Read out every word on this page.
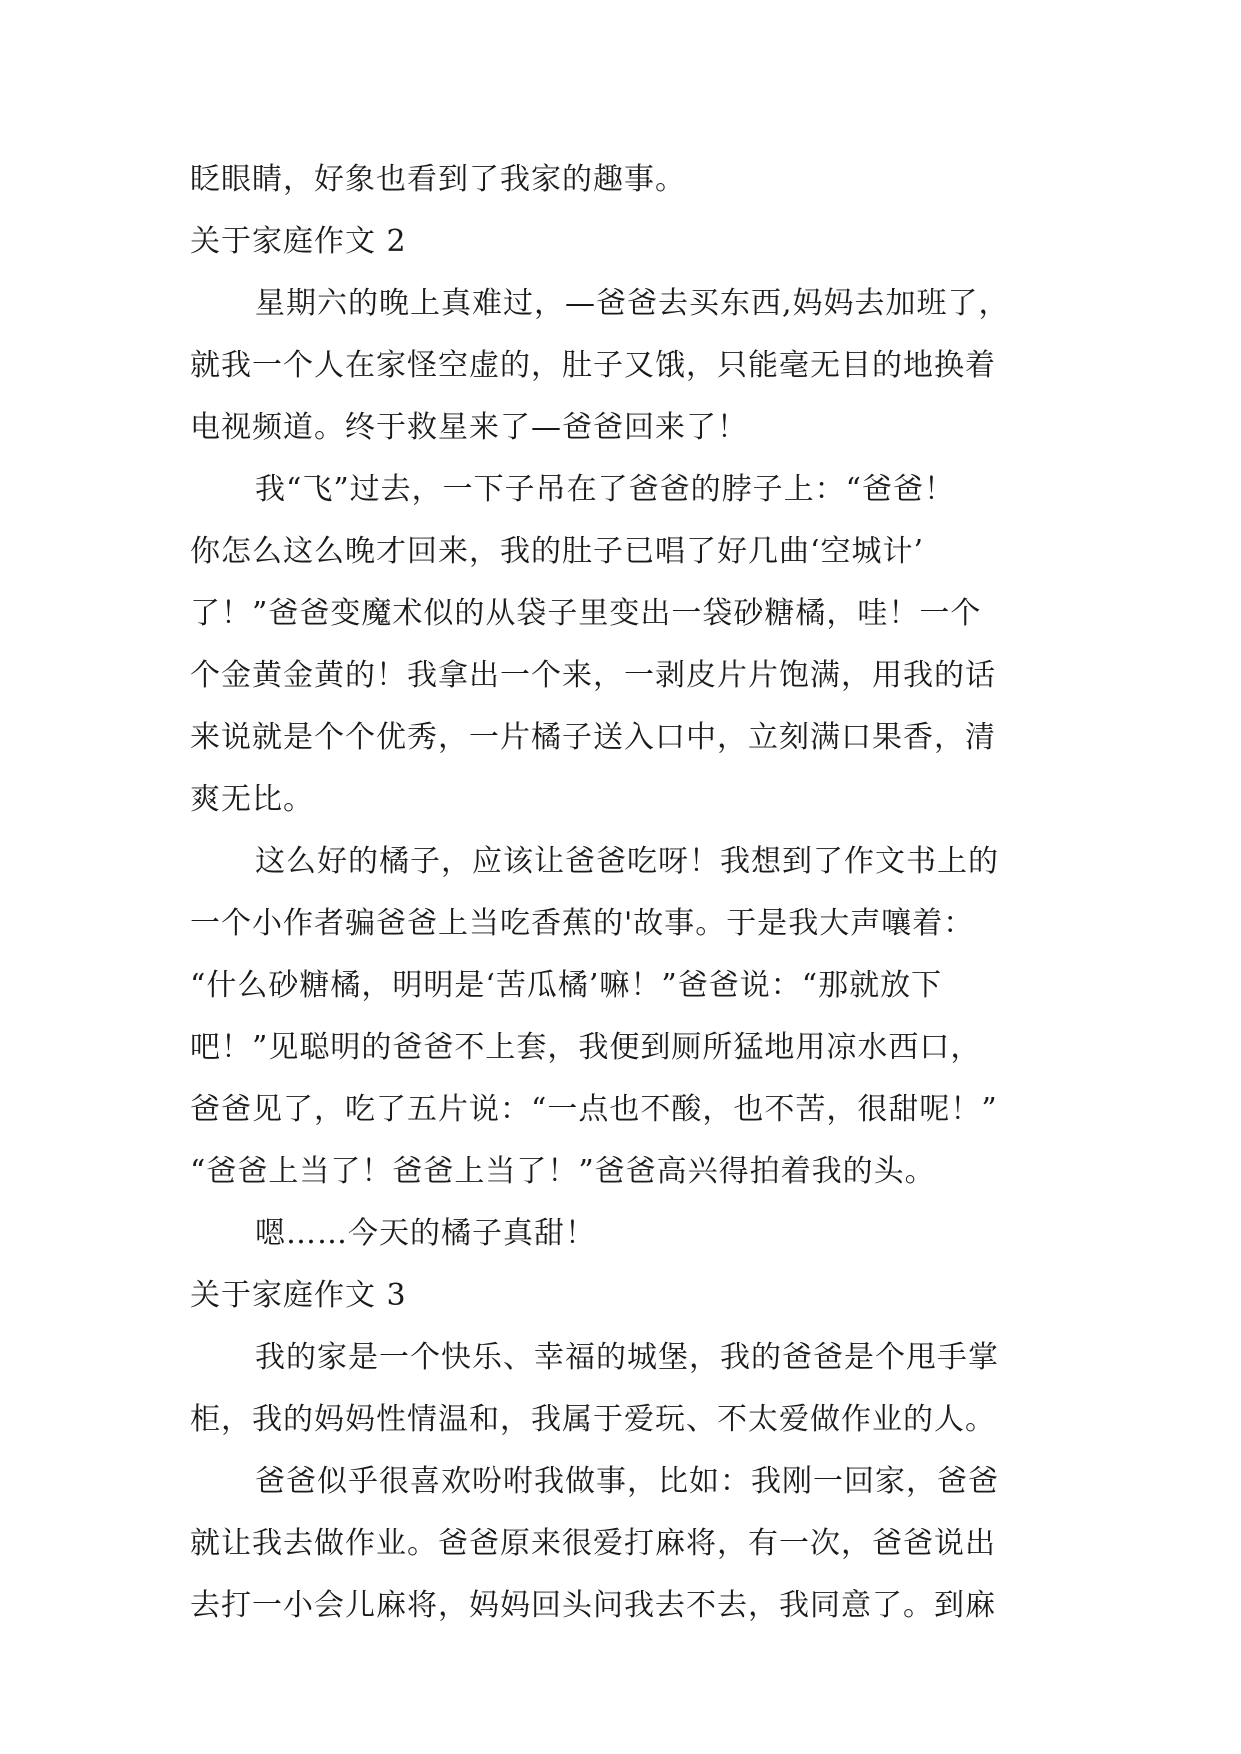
眨眼睛，好象也看到了我家的趣事。

关于家庭作文 2

星期六的晚上真难过，—爸爸去买东西,妈妈去加班了，

就我一个人在家怪空虚的，肚子又饿，只能毫无目的地换着

电视频道。终于救星来了—爸爸回来了！

我“飞”过去，一下子吊在了爸爸的脖子上：“爸爸！

你怎么这么晚才回来，我的肚子已唱了好几曲‘空城计’

了！”爸爸变魔术似的从袋子里变出一袋砂糖橘，哇！一个

个金黄金黄的！我拿出一个来，一剥皮片片饱满，用我的话

来说就是个个优秀，一片橘子送入口中，立刻满口果香，清

爽无比。

这么好的橘子，应该让爸爸吃呀！我想到了作文书上的

一个小作者骗爸爸上当吃香蕉的'故事。于是我大声嚷着：

“什么砂糖橘，明明是‘苦瓜橘’嘛！”爸爸说：“那就放下

吧！”见聪明的爸爸不上套，我便到厕所猛地用凉水西口，

爸爸见了，吃了五片说：“一点也不酸，也不苦，很甜呢！”

“爸爸上当了！爸爸上当了！”爸爸高兴得拍着我的头。

嗯……今天的橘子真甜！

关于家庭作文 3

我的家是一个快乐、幸福的城堡，我的爸爸是个甩手掌

柜，我的妈妈性情温和，我属于爱玩、不太爱做作业的人。

爸爸似乎很喜欢吩咐我做事，比如：我刚一回家，爸爸

就让我去做作业。爸爸原来很爱打麻将，有一次，爸爸说出

去打一小会儿麻将，妈妈回头问我去不去，我同意了。到麻
